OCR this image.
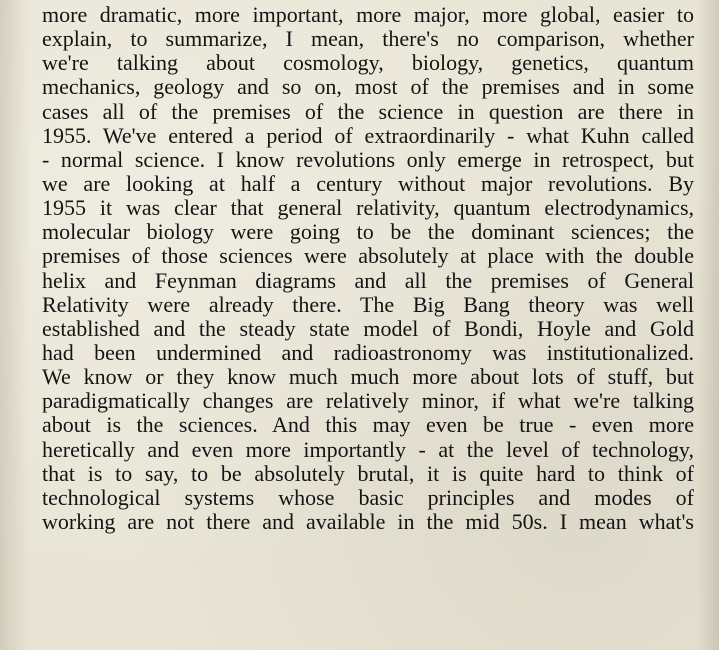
more dramatic, more important, more major, more global, easier to
explain, to summarize, I mean, there's no comparison, whether
we're talking about cosmology, biology, genetics, quantum
mechanics, geology and so on, most of the premises and in some
cases all of the premises of the science in question are there in
1955. We've entered a period of extraordinarily - what Kuhn called
- normal science. I know revolutions only emerge in retrospect, but
we are looking at half a century without major revolutions. By
1955 it was clear that general relativity, quantum electrodynamics,
molecular biology were going to be the dominant sciences; the
premises of those sciences were absolutely at place with the double
helix and Feynman diagrams and all the premises of General
Relativity were already there. The Big Bang theory was well
established and the steady state model of Bondi, Hoyle and Gold
had been undermined and radioastronomy was institutionalized.
We know or they know much much more about lots of stuff, but
paradigmatically changes are relatively minor, if what we're talking
about is the sciences. And this may even be true - even more
heretically and even more importantly - at the level of technology,
that is to say, to be absolutely brutal, it is quite hard to think of
technological systems whose basic principles and modes of
working are not there and available in the mid 50s. I mean what's
